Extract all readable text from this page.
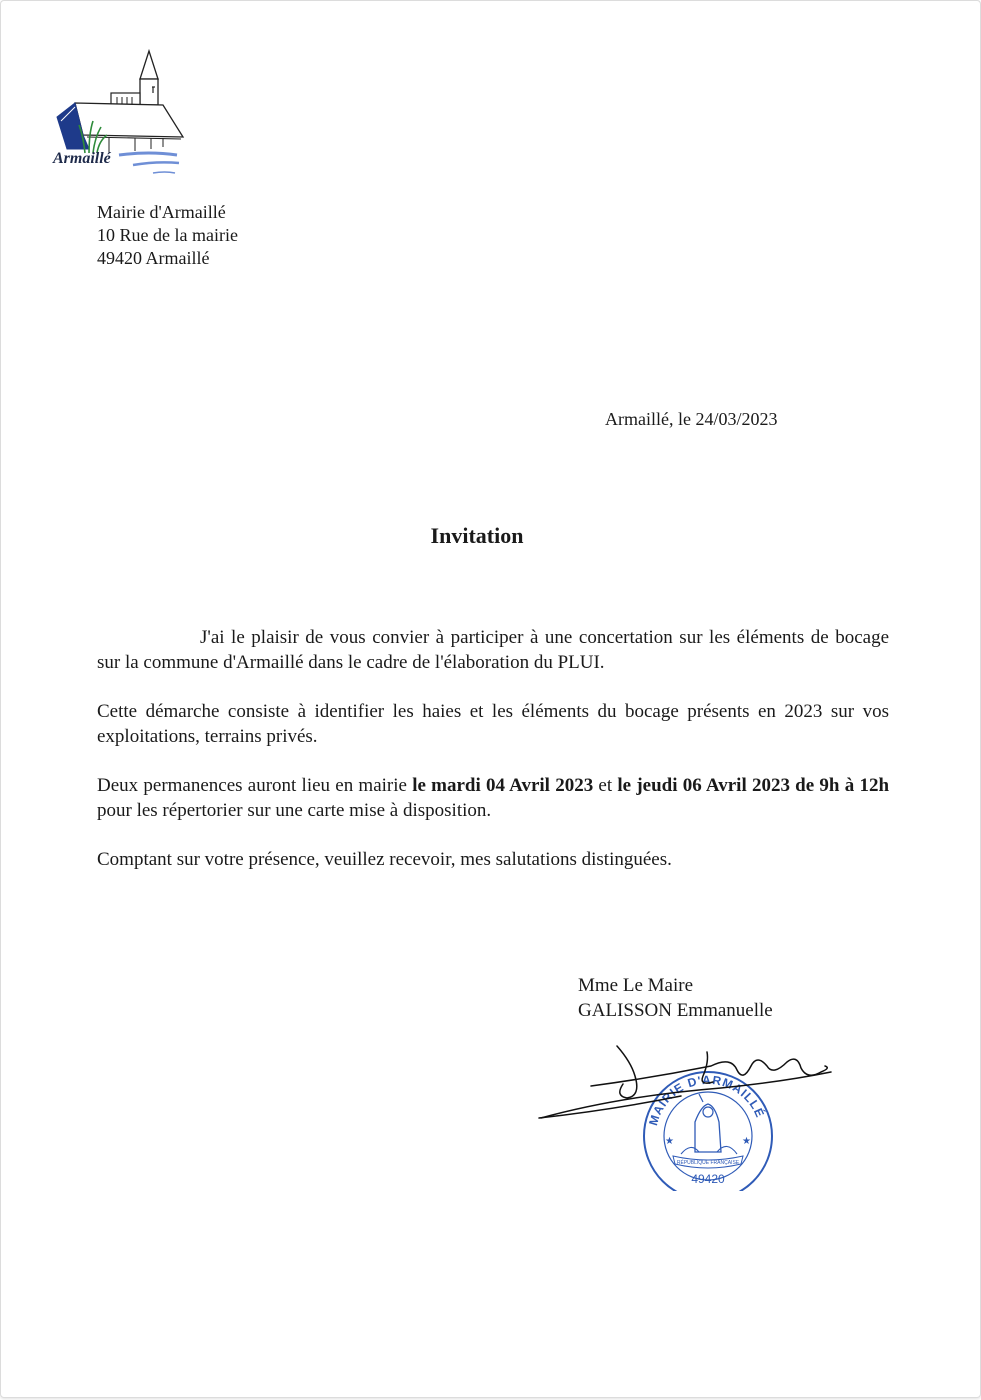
Armaillé
Mairie d'Armaillé
10 Rue de la mairie
49420 Armaillé
Armaillé, le 24/03/2023
Invitation

J'ai le plaisir de vous convier à participer à une concertation sur les éléments de bocage sur la commune d'Armaillé dans le cadre de l'élaboration du PLUI.

Cette démarche consiste à identifier les haies et les éléments du bocage présents en 2023 sur vos exploitations, terrains privés.

Deux permanences auront lieu en mairie le mardi 04 Avril 2023 et le jeudi 06 Avril 2023 de 9h à 12h pour les répertorier sur une carte mise à disposition.

Comptant sur votre présence, veuillez recevoir, mes salutations distinguées.

Mme Le Maire
GALISSON Emmanuelle
MAIRIE D'ARMAILLÉ
★	★
RÉPUBLIQUE FRANÇAISE
49420
